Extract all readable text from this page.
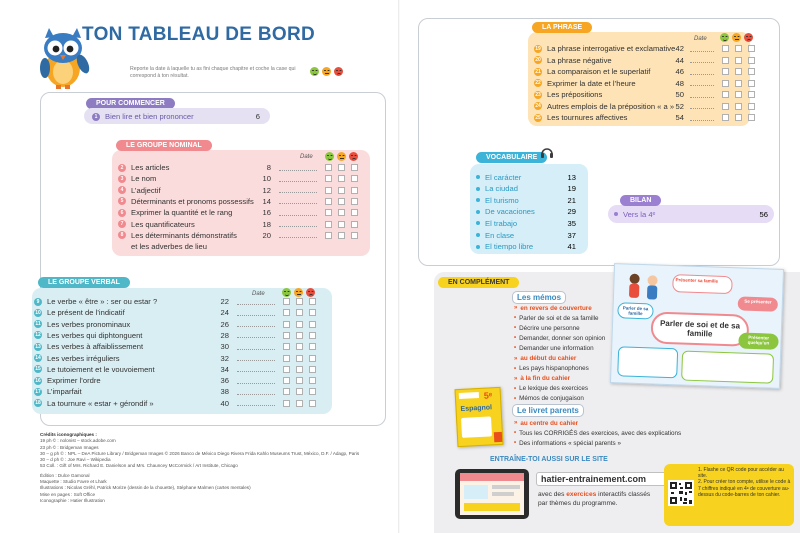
TON TABLEAU DE BORD
Reporte la date à laquelle tu as fini chaque chapitre et coche la case qui correspond à ton résultat.
POUR COMMENCER
1	Bien lire et bien prononcer	6
LE GROUPE NOMINAL
Date
2	Les articles	8
3	Le nom	10
4	L’adjectif	12
5	Déterminants et pronoms possessifs	14
6	Exprimer la quantité et le rang	16
7	Les quantificateurs	18
8	Les déterminants démonstratifs	20
et les adverbes de lieu
LE GROUPE VERBAL
Date
9	Le verbe « être » : ser ou estar ?	22
10 Le présent de l’indicatif	24
11 Les verbes pronominaux	26
12 Les verbes qui diphtonguent	28
13 Les verbes à affaiblissement	30
14 Les verbes irréguliers	32
15 Le tutoiement et le vouvoiement	34
16 Exprimer l’ordre	36
17 L’imparfait	38
18 La tournure « estar + gérondif »	40
Crédits iconographiques :
19 ph © : nolonist – stock.adobe.com
23 ph © : Bridgeman Images
30 – g ph © : NPL – DeA Picture Library / Bridgeman Images © 2026 Banco de México Diego Rivera Frida Kahlo Museums Trust, México, D.F. / Adagp, Paris
30 – d ph © : Joe Ravi – Wikipedia
53 Coll. : Gift of Mrs. Richard E. Danielson and Mrs. Chauncey McCormick / Art Institute, Chicago
Édition : Dulce Gamonal
Maquette : Studio Favre et Lhaïk
Illustrations : Nicolas Gréhl, Patrick Morize (dessin de la chouette), Stéphane Malmen (cartes mentales)
Mise en pages : Soft Office
Iconographie : Hatier Illustration
LA PHRASE
Date
19 La phrase interrogative et exclamative 42
20 La phrase négative	44
21 La comparaison et le superlatif	46
22 Exprimer la date et l’heure	48
23 Les prépositions	50
24 Autres emplois de la préposition « a » 52
25 Les tournures affectives	54
VOCABULAIRE
El carácter	13
La ciudad	19
El turismo	21
De vacaciones	29
El trabajo	35
En clase	37
El tiempo libre	41
BILAN
Vers la 4ᵉ	56
EN COMPLÉMENT
Les mémos
» en revers de couverture
• Parler de soi et de sa famille
• Décrire une personne
• Demander, donner son opinion
• Demander une information
» au début du cahier
• Les pays hispanophones
» à la fin du cahier
• Le lexique des exercices
• Mémos de conjugaison
Le livret parents
» au centre du cahier
• Tous les CORRIGÉS des exercices, avec des explications
• Des informations « spécial parents »
Parler de soi et de sa famille
Présenter sa famille
Se présenter
Parler de sa famille
Présenter quelqu’un
5ᵉ
Espagnol
ENTRAÎNE-TOI AUSSI SUR LE SITE
hatier-entrainement.com
avec des exercices interactifs classés par thèmes du programme.
1. Flashe ce QR code pour accéder au site.
2. Pour créer ton compte, utilise le code à 7 chiffres indiqué en 4ᵉ de couverture au-dessus du code-barres de ton cahier.
